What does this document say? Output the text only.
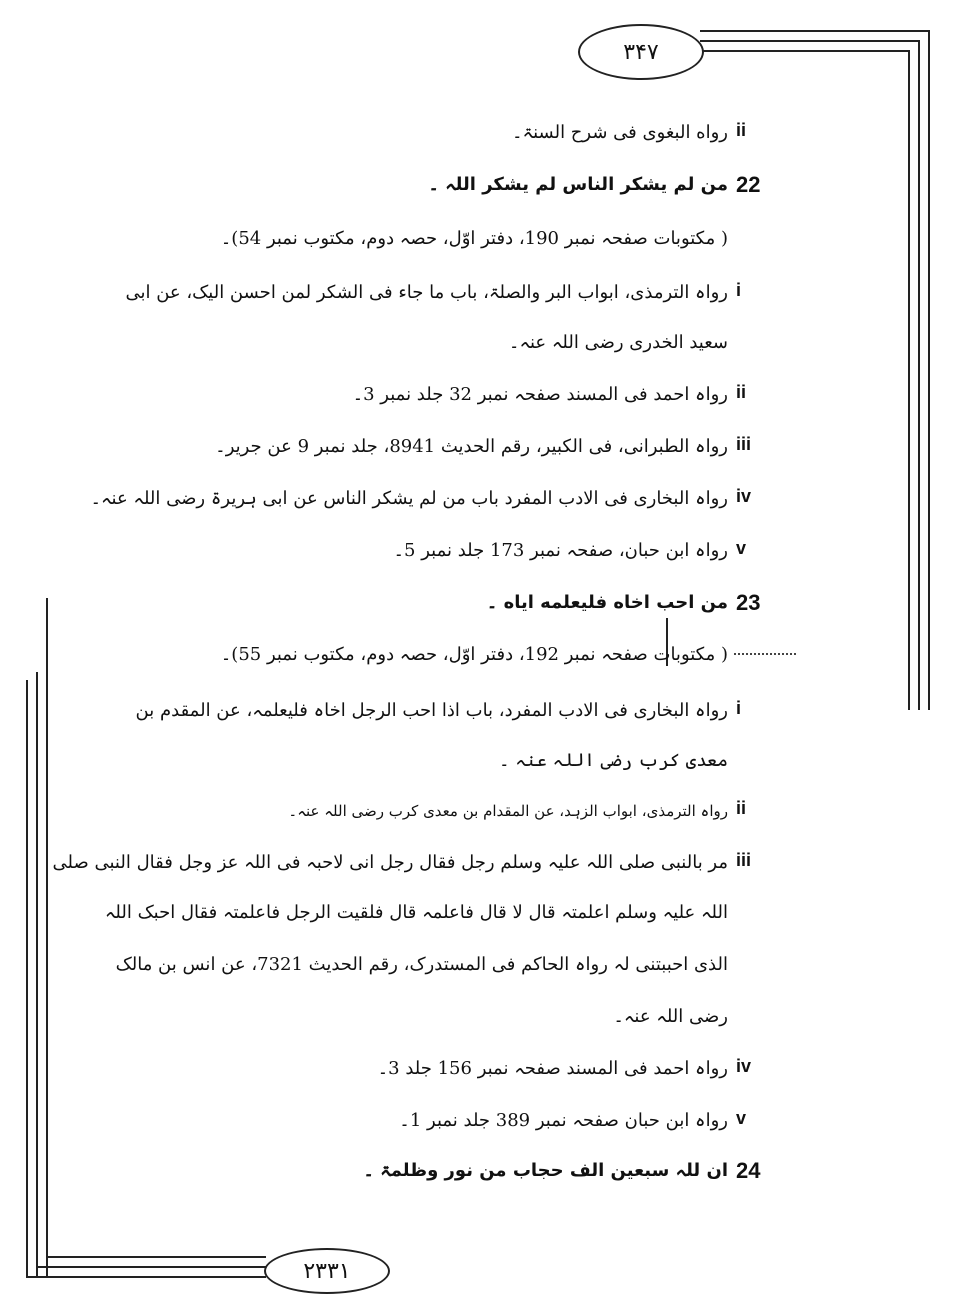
۳۴۷
۲۳۳۱
ii
رواه البغوی فی شرح السنۃ۔
22
من لم یشکر الناس لم یشکر اللہ ۔
( مکتوبات صفحہ نمبر 190، دفتر اوّل، حصہ دوم، مکتوب نمبر 54)۔
i
رواہ الترمذی، ابواب البر والصلۃ، باب ما جاء فی الشکر لمن احسن الیک، عن ابی
سعید الخدری رضی اللہ عنہ۔
ii
رواہ احمد فی المسند صفحہ نمبر 32 جلد نمبر 3۔
iii
رواہ الطبرانی، فی الکبیر، رقم الحدیث 8941، جلد نمبر 9 عن جریر۔
iv
رواہ البخاری فی الادب المفرد باب من لم یشکر الناس عن ابی ہریرۃ رضی اللہ عنہ۔
v
رواہ ابن حبان، صفحہ نمبر 173 جلد نمبر 5۔
23
من احب اخاه فلیعلمه ایاه ۔
( مکتوبات صفحہ نمبر 192، دفتر اوّل، حصہ دوم، مکتوب نمبر 55)۔
i
رواہ البخاری فی الادب المفرد، باب اذا احب الرجل اخاہ فلیعلمہ، عن المقدم بن
معدی کرب رضی اللہ عنہ ۔
ii
رواہ الترمذی، ابواب الزہد، عن المقدام بن معدی کرب رضی اللہ عنہ۔
iii
مر بالنبی صلی اللہ علیہ وسلم رجل فقال رجل انی لاحبہ فی اللہ عز وجل فقال النبی صلی
اللہ علیہ وسلم اعلمتہ قال لا قال فاعلمہ قال فلقیت الرجل فاعلمتہ فقال احبک اللہ
الذی احببتنی لہ رواہ الحاکم فی المستدرک، رقم الحدیث 7321، عن انس بن مالک
رضی اللہ عنہ۔
iv
رواہ احمد فی المسند صفحہ نمبر 156 جلد 3۔
v
رواہ ابن حبان صفحہ نمبر 389 جلد نمبر 1۔
24
ان للہ سبعین الف حجاب من نور وظلمۃ ۔
